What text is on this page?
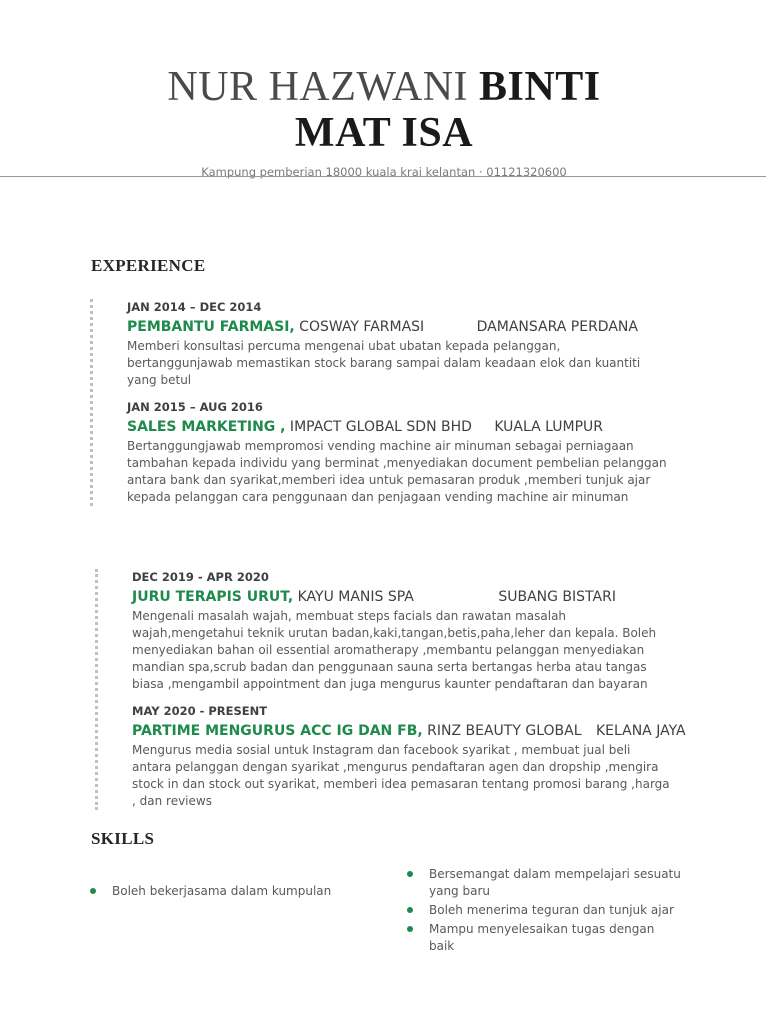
NUR HAZWANI BINTI
MAT ISA
Kampung pemberian 18000 kuala krai kelantan · 01121320600
EXPERIENCE
JAN 2014 – DEC 2014
PEMBANTU FARMASI, COSWAY FARMASI	DAMANSARA PERDANA
Memberi konsultasi percuma mengenai ubat ubatan kepada pelanggan, bertanggunjawab memastikan stock barang sampai dalam keadaan elok dan kuantiti yang betul
JAN 2015 – AUG 2016
SALES MARKETING , IMPACT GLOBAL SDN BHD KUALA LUMPUR
Bertanggungjawab mempromosi vending machine air minuman sebagai perniagaan tambahan kepada individu yang berminat ,menyediakan document pembelian pelanggan antara bank dan syarikat,memberi idea untuk pemasaran produk ,memberi tunjuk ajar kepada pelanggan cara penggunaan dan penjagaan vending machine air minuman
DEC 2019 - APR 2020
JURU TERAPIS URUT, KAYU MANIS SPA	SUBANG BISTARI
Mengenali masalah wajah, membuat steps facials dan rawatan masalah wajah,mengetahui teknik urutan badan,kaki,tangan,betis,paha,leher dan kepala. Boleh menyediakan bahan oil essential aromatherapy ,membantu pelanggan menyediakan mandian spa,scrub badan dan penggunaan sauna serta bertangas herba atau tangas biasa ,mengambil appointment dan juga mengurus kaunter pendaftaran dan bayaran
MAY 2020 - PRESENT
PARTIME MENGURUS ACC IG DAN FB, RINZ BEAUTY GLOBAL KELANA JAYA
Mengurus media sosial untuk Instagram dan facebook syarikat , membuat jual beli antara pelanggan dengan syarikat ,mengurus pendaftaran agen dan dropship ,mengira stock in dan stock out syarikat, memberi idea pemasaran tentang promosi barang ,harga , dan reviews
SKILLS
Boleh bekerjasama dalam kumpulan
Bersemangat dalam mempelajari sesuatu yang baru
Boleh menerima teguran dan tunjuk ajar
Mampu menyelesaikan tugas dengan baik
